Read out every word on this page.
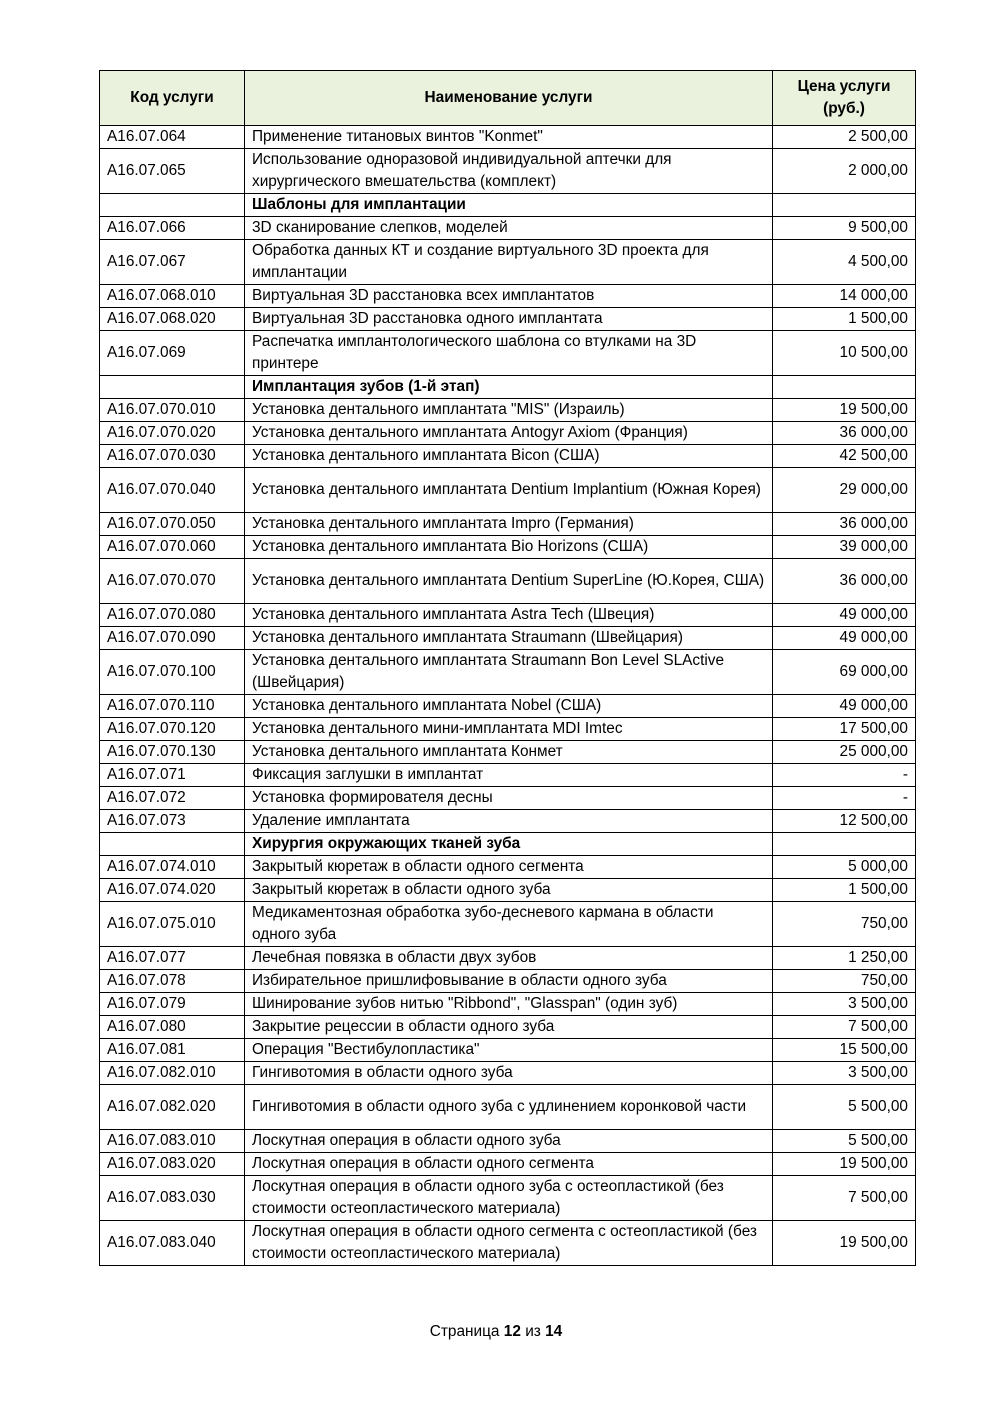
Код услуги	Наименование услуги	Цена услуги
(руб.)
A16.07.064	Применение титановых винтов "Konmet"	2 500,00
A16.07.065	Использование одноразовой индивидуальной аптечки для хирургического вмешательства (комплект)	2 000,00
	Шаблоны для имплантации	
A16.07.066	3D сканирование слепков, моделей	9 500,00
A16.07.067	Обработка данных КТ и создание виртуального 3D проекта для имплантации	4 500,00
A16.07.068.010	Виртуальная 3D расстановка всех имплантатов	14 000,00
A16.07.068.020	Виртуальная 3D расстановка одного имплантата	1 500,00
A16.07.069	Распечатка имплантологического шаблона со втулками на 3D принтере	10 500,00
	Имплантация зубов (1-й этап)	
A16.07.070.010	Установка дентального имплантата "MIS" (Израиль)	19 500,00
A16.07.070.020	Установка дентального имплантата Antogyr Axiom (Франция)	36 000,00
A16.07.070.030	Установка дентального имплантата Bicon (США)	42 500,00
A16.07.070.040	Установка дентального имплантата Dentium Implantium (Южная Корея)	29 000,00
A16.07.070.050	Установка дентального имплантата Impro (Германия)	36 000,00
A16.07.070.060	Установка дентального имплантата Bio Horizons (США)	39 000,00
A16.07.070.070	Установка дентального имплантата Dentium SuperLine (Ю.Корея, США)	36 000,00
A16.07.070.080	Установка дентального имплантата Astra Tech (Швеция)	49 000,00
A16.07.070.090	Установка дентального имплантата Straumann (Швейцария)	49 000,00
A16.07.070.100	Установка дентального имплантата Straumann Bon Level SLActive (Швейцария)	69 000,00
A16.07.070.110	Установка дентального имплантата Nobel (США)	49 000,00
A16.07.070.120	Установка дентального мини-имплантата MDI Imtec	17 500,00
A16.07.070.130	Установка дентального имплантата Конмет	25 000,00
A16.07.071	Фиксация заглушки в имплантат	-
A16.07.072	Установка формирователя десны	-
A16.07.073	Удаление имплантата	12 500,00
	Хирургия окружающих тканей зуба	
A16.07.074.010	Закрытый кюретаж в области одного сегмента	5 000,00
A16.07.074.020	Закрытый кюретаж в области одного зуба	1 500,00
A16.07.075.010	Медикаментозная обработка зубо-десневого кармана в области одного зуба	750,00
A16.07.077	Лечебная повязка в области двух зубов	1 250,00
A16.07.078	Избирательное пришлифовывание в области одного зуба	750,00
A16.07.079	Шинирование зубов нитью "Ribbond", "Glasspan" (один зуб)	3 500,00
A16.07.080	Закрытие рецессии в области одного зуба	7 500,00
A16.07.081	Операция "Вестибулопластика"	15 500,00
A16.07.082.010	Гингивотомия в области одного зуба	3 500,00
A16.07.082.020	Гингивотомия в области одного зуба с удлинением коронковой части	5 500,00
A16.07.083.010	Лоскутная операция в области одного зуба	5 500,00
A16.07.083.020	Лоскутная операция в области одного сегмента	19 500,00
A16.07.083.030	Лоскутная операция в области одного зуба с остеопластикой (без стоимости остеопластического материала)	7 500,00
A16.07.083.040	Лоскутная операция в области одного сегмента с остеопластикой (без стоимости остеопластического материала)	19 500,00
Страница 12 из 14
